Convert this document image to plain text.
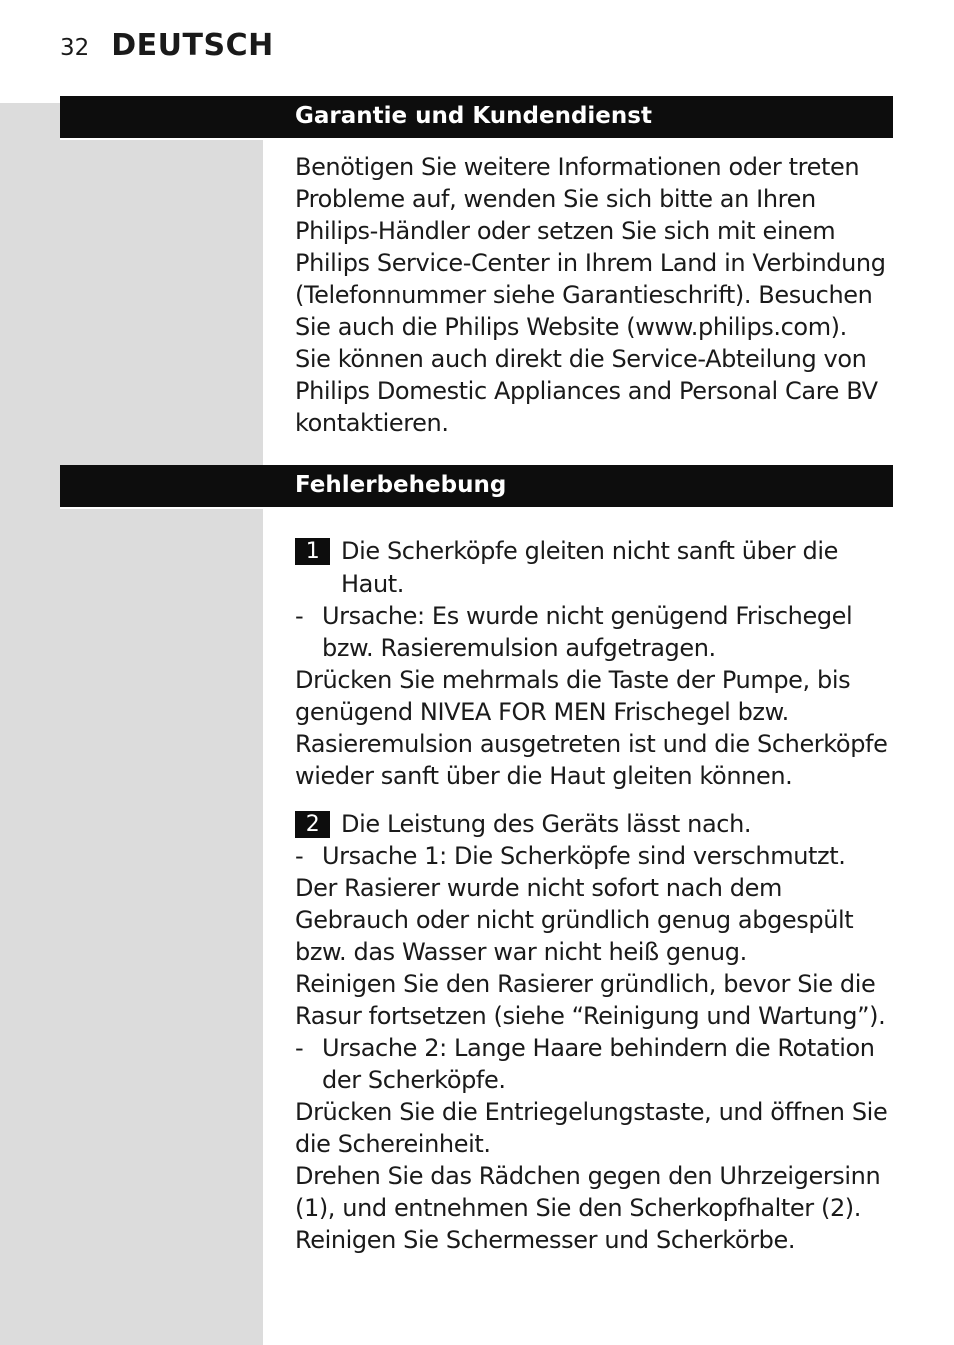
32 DEUTSCH
Garantie und Kundendienst

Benötigen Sie weitere Informationen oder treten Probleme auf, wenden Sie sich bitte an Ihren Philips-Händler oder setzen Sie sich mit einem Philips Service-Center in Ihrem Land in Verbindung (Telefonnummer siehe Garantieschrift). Besuchen Sie auch die Philips Website (www.philips.com).

Sie können auch direkt die Service-Abteilung von Philips Domestic Appliances and Personal Care BV kontaktieren.

Fehlerbehebung
1 Die Scherköpfe gleiten nicht sanft über die Haut.

- Ursache: Es wurde nicht genügend Frischegel bzw. Rasieremulsion aufgetragen.

Drücken Sie mehrmals die Taste der Pumpe, bis genügend NIVEA FOR MEN Frischegel bzw. Rasieremulsion ausgetreten ist und die Scherköpfe wieder sanft über die Haut gleiten können.

2 Die Leistung des Geräts lässt nach.

- Ursache 1: Die Scherköpfe sind verschmutzt.

Der Rasierer wurde nicht sofort nach dem Gebrauch oder nicht gründlich genug abgespült bzw. das Wasser war nicht heiß genug.

Reinigen Sie den Rasierer gründlich, bevor Sie die Rasur fortsetzen (siehe “Reinigung und Wartung”).

- Ursache 2: Lange Haare behindern die Rotation der Scherköpfe.

Drücken Sie die Entriegelungstaste, und öffnen Sie die Schereinheit.

Drehen Sie das Rädchen gegen den Uhrzeigersinn (1), und entnehmen Sie den Scherkopfhalter (2). Reinigen Sie Schermesser und Scherkörbe.
